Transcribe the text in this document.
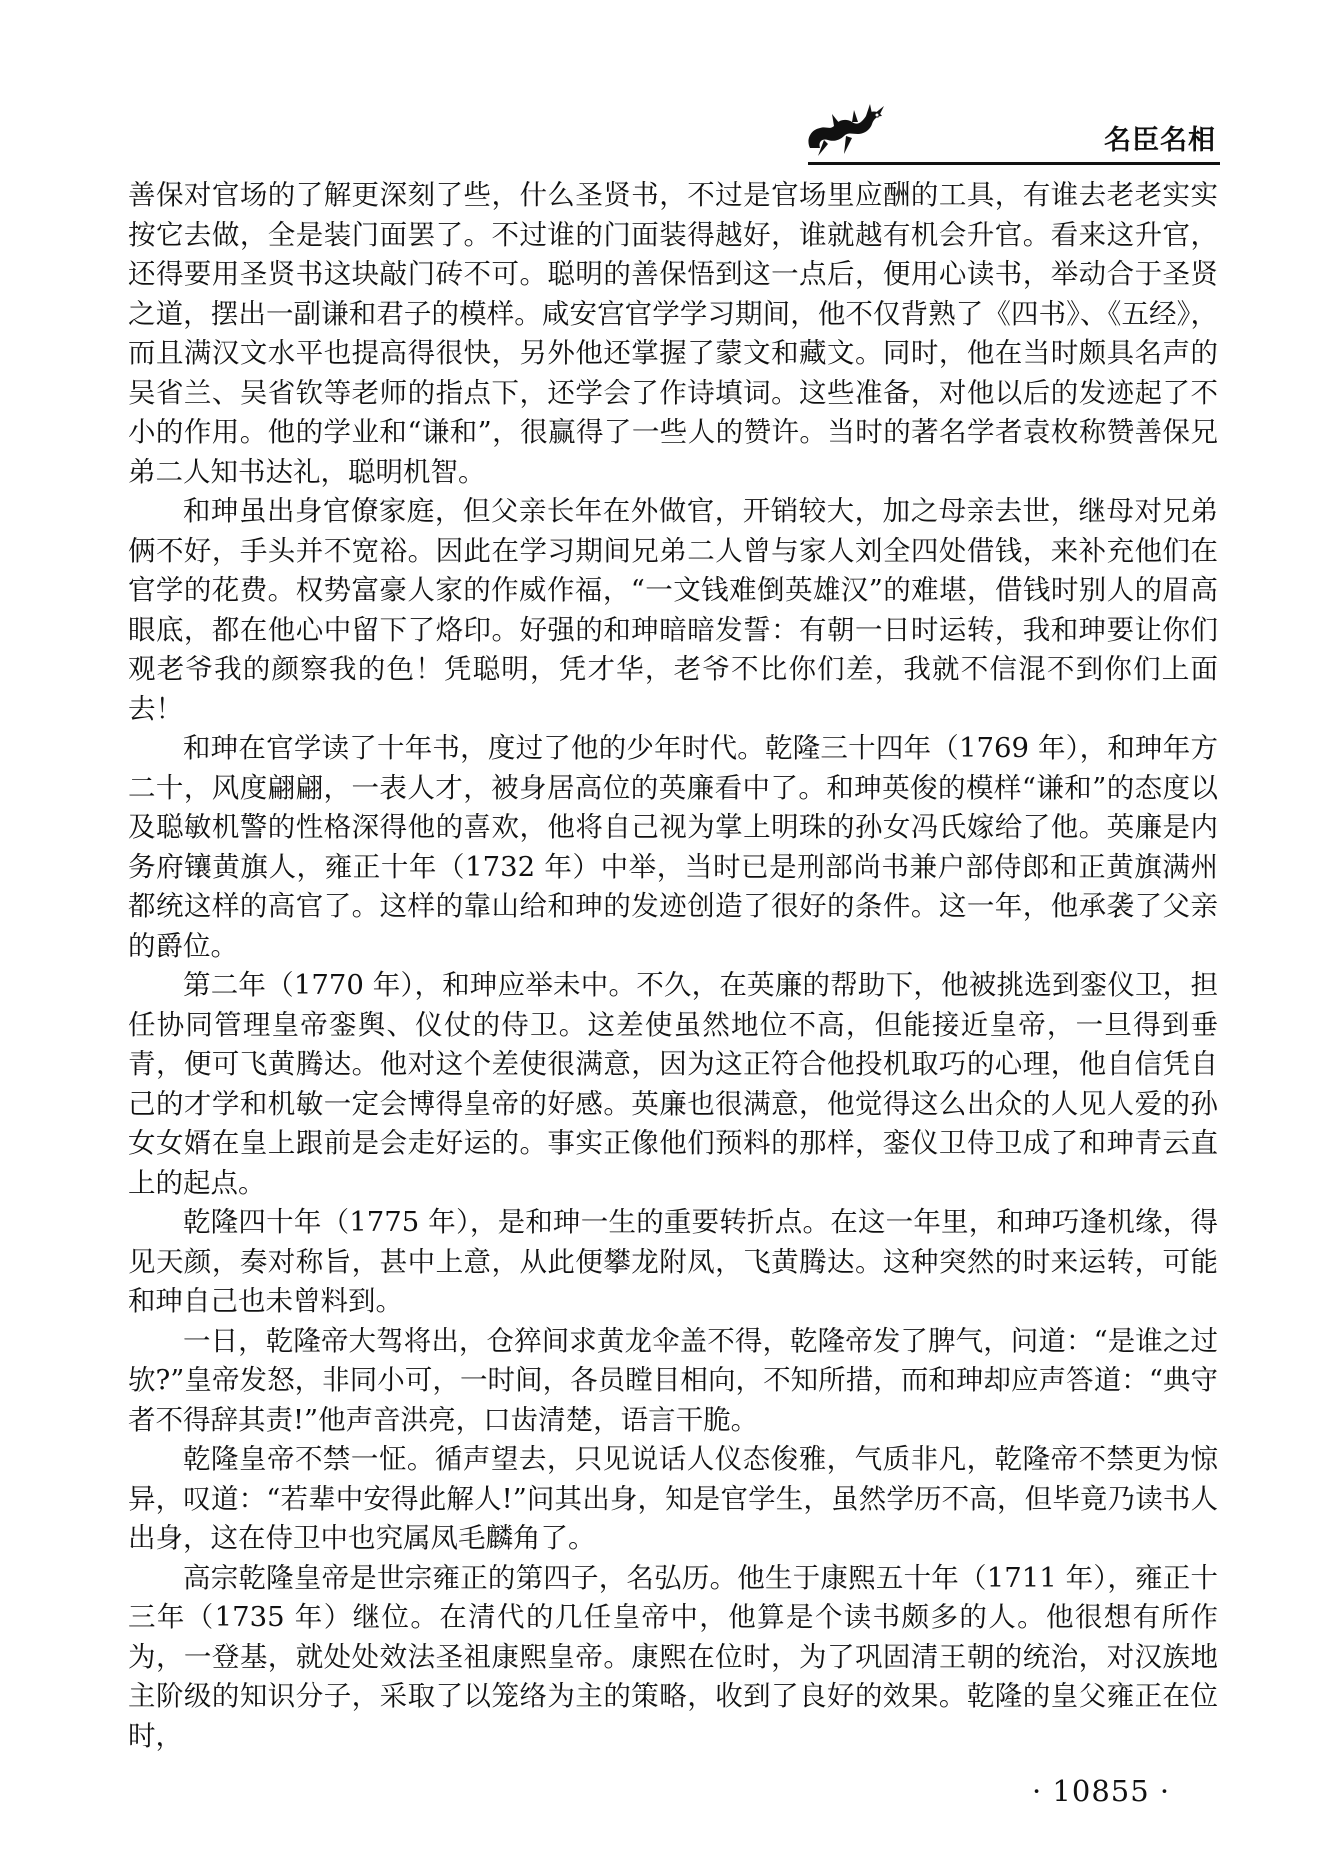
名臣名相

善保对官场的了解更深刻了些，什么圣贤书，不过是官场里应酬的工具，有谁去老老实实按它去做，全是装门面罢了。不过谁的门面装得越好，谁就越有机会升官。看来这升官，还得要用圣贤书这块敲门砖不可。聪明的善保悟到这一点后，便用心读书，举动合于圣贤之道，摆出一副谦和君子的模样。咸安宫官学学习期间，他不仅背熟了《四书》、《五经》，而且满汉文水平也提高得很快，另外他还掌握了蒙文和藏文。同时，他在当时颇具名声的吴省兰、吴省钦等老师的指点下，还学会了作诗填词。这些准备，对他以后的发迹起了不小的作用。他的学业和“谦和”，很赢得了一些人的赞许。当时的著名学者袁枚称赞善保兄弟二人知书达礼，聪明机智。

和珅虽出身官僚家庭，但父亲长年在外做官，开销较大，加之母亲去世，继母对兄弟俩不好，手头并不宽裕。因此在学习期间兄弟二人曾与家人刘全四处借钱，来补充他们在官学的花费。权势富豪人家的作威作福，“一文钱难倒英雄汉”的难堪，借钱时别人的眉高眼底，都在他心中留下了烙印。好强的和珅暗暗发誓：有朝一日时运转，我和珅要让你们观老爷我的颜察我的色！凭聪明，凭才华，老爷不比你们差，我就不信混不到你们上面去！

和珅在官学读了十年书，度过了他的少年时代。乾隆三十四年（1769 年），和珅年方二十，风度翩翩，一表人才，被身居高位的英廉看中了。和珅英俊的模样“谦和”的态度以及聪敏机警的性格深得他的喜欢，他将自己视为掌上明珠的孙女冯氏嫁给了他。英廉是内务府镶黄旗人，雍正十年（1732 年）中举，当时已是刑部尚书兼户部侍郎和正黄旗满州都统这样的高官了。这样的靠山给和珅的发迹创造了很好的条件。这一年，他承袭了父亲的爵位。

第二年（1770 年），和珅应举未中。不久，在英廉的帮助下，他被挑选到銮仪卫，担任协同管理皇帝銮舆、仪仗的侍卫。这差使虽然地位不高，但能接近皇帝，一旦得到垂青，便可飞黄腾达。他对这个差使很满意，因为这正符合他投机取巧的心理，他自信凭自己的才学和机敏一定会博得皇帝的好感。英廉也很满意，他觉得这么出众的人见人爱的孙女女婿在皇上跟前是会走好运的。事实正像他们预料的那样，銮仪卫侍卫成了和珅青云直上的起点。

乾隆四十年（1775 年），是和珅一生的重要转折点。在这一年里，和珅巧逢机缘，得见天颜，奏对称旨，甚中上意，从此便攀龙附凤，飞黄腾达。这种突然的时来运转，可能和珅自己也未曾料到。

一日，乾隆帝大驾将出，仓猝间求黄龙伞盖不得，乾隆帝发了脾气，问道：“是谁之过欤?”皇帝发怒，非同小可，一时间，各员瞠目相向，不知所措，而和珅却应声答道：“典守者不得辞其责!”他声音洪亮，口齿清楚，语言干脆。

乾隆皇帝不禁一怔。循声望去，只见说话人仪态俊雅，气质非凡，乾隆帝不禁更为惊异，叹道：“若辈中安得此解人!”问其出身，知是官学生，虽然学历不高，但毕竟乃读书人出身，这在侍卫中也究属凤毛麟角了。

高宗乾隆皇帝是世宗雍正的第四子，名弘历。他生于康熙五十年（1711 年），雍正十三年（1735 年）继位。在清代的几任皇帝中，他算是个读书颇多的人。他很想有所作为，一登基，就处处效法圣祖康熙皇帝。康熙在位时，为了巩固清王朝的统治，对汉族地主阶级的知识分子，采取了以笼络为主的策略，收到了良好的效果。乾隆的皇父雍正在位时，

· 10855 ·
